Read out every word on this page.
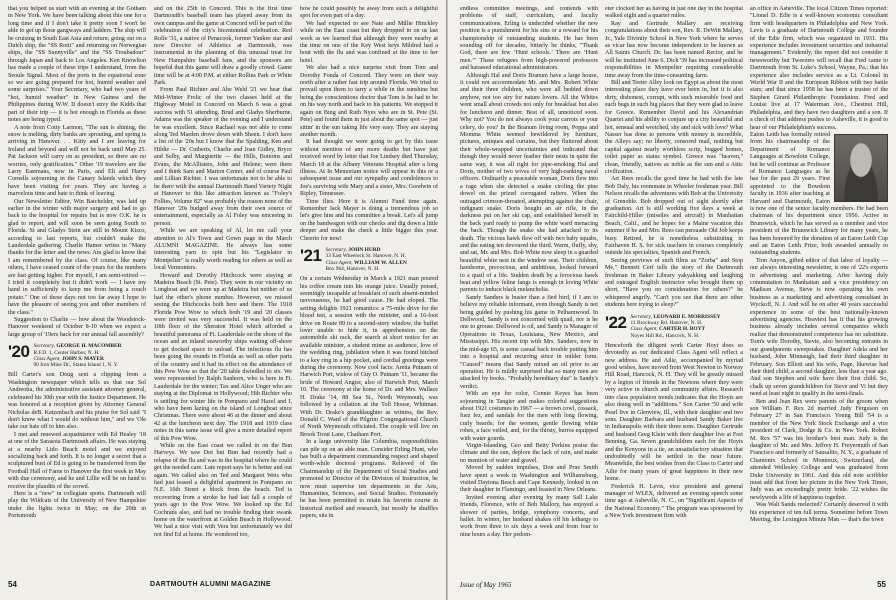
that you helped us start with an evening at the Gotham in New York. We have been talking about this one for a long time and if I don't take it pretty soon I won't be able to get up those gangways and ladders. The ship will be cruising in South East Asia and return; going out on a Dutch ship, the "SS Rotti" and returning on Norwegian ships, the "SS Sunnyville" and the "SS Troubadour" through Japan and back to Los Angeles. Ken Knowlton has made a couple of these trips I understand, from the Seoule Signal. Most of the ports in the equatorial zone so we are going prepared for hot, humid weather and some surprises." Your Secretary, who had two years of "hot, humid weather" in New Guinea and the Philippines during W.W. II doesn't envy the Kidds that part of their trip — it is hot enough in Florida as these notes are being typed.

A note from Cotty Larmon, "The sun is shining, the snow is melting, dirty banks are sprouting, and spring is arriving in Hanover. . . Kitty and I are leaving for Ireland and beyond and will not be back until May 25. Pat Jackson will carry on as president, so there are no worries, only gratification." Other '19 travelers are the Larry Eastmans, now in Paris, and Eli and Harry Cornells sojourning in the Canary Islands which they have been visiting for years. They are having a marvelous time and hate to think of leaving.

Our Newsletter Editor, Win Batchelder, was laid up earlier in the winter with major surgery and had to go back to the hospital for repairs but is now O.K. he is glad to report, and will soon be seen going South to Florida. Si and Gladys Stein are still in Mount Kisco, according to last reports, but couldn't make the Lauderdale gathering. Charlie Hamer writes in "Many thanks for the letter and the news. Am glad to know that I am remembered by the class. Of course, like many others, I have ceased count of the years for the numbers are fast getting higher. For myself, I am semi-retired — I tried it completely but it didn't work — I have my hand in sufficiently to keep me from being a couch potato." One of these days not too far away I hope to have the pleasure of seeing you and other members of the class."

Suggestion to Charlie — how about the Woodstock-Hanover weekend of October 8-10 when we expect a large group of '19ers back for our annual fall assembly?

'20 Secretary, GEORGE H. MACOMBER
R.F.D. 1, Center Harbor, N. H.
Class Agent, JOHN S. MAYER
90 Iron Mine Dr., Staten Island 1, N. Y.

Bill Carter's son Doug sent a clipping from a Washington newspaper which tells us that our Sol Andreotta, the administrative assistant attorney general, celebrated his 30th year with the Justice Department. He was honored at a reception given by Attorney General Nicholas deB. Katzenbach and his praise for Sol said "I don't know what I would do without him," and we 'Ole take our hats off to him also.

I met and renewed acquaintance with Ed Healey '18 at one of the Sarasota Dartmouth affairs. He was staying at a nearby Lido Beach motel and we enjoyed socializing back and forth. It is no longer a secret that a sculptured bust of Ed is going to be transferred from the Football Hall of Fame to Hanover the first week in May with due ceremony, and he and Lillie will be on hand to receive the plaudits of the crowd.

Here is a "new" in collegiate sports. Dartmouth will play the Wildcats of the University of New Hampshire under the lights twice in May; on the 20th in Portsmouth

and on the 25th in Concord. This is the first time Dartmouth's baseball team has played away from its own campus and the game at Concord will be part of the celebration of the city's bicentennial celebration. Red Rolfe '31, a native of Penacook, former Yankee star and now Director of Athletics at Dartmouth, was instrumental in the planning of this unusual treat for New Hampshire baseball fans, and the sponsors are hopeful that this game will draw a goodly crowd. Game time will be at 4:00 P.M. at either Rollins Park or White Park.

From Paul Richter and Abe Weld '21 we hear that Mid-Winter Frolic of the two classes held at the Highway Motel in Concord on March 6 was a great success with 51 attending. Brud and Gladys Sherburne, Adams was the speaker of the evening and I understand he was excellent. Since Rachael was not able to come along Ted Marden drove down with Sheen. I don't have a list of the '20s but I know that the Spalding, Ken and Hildie — Dr. Cutberts, Charlie and Joan Gidley, Bryce and Selby, and Marguerite — the Hills, Bottoms and Evans, the McAllisters, John and Helene; were there and I think Sam and Marion Center, and of course Paul and Lillian Richter. I was unfortunate not to be able to be there with the annual Dartmouth Band Variety Night at Hanover to this like attraction known as "Foley's Follies, Volume 82" was probably the reason none of the Hanover '20s budged away from their own source of entertainment, especially as Al Foley was emceeing in person.

While we are speaking of Al, let me call your attention to Al's Town and Gown page in the March ALUMNI MAGAZINE. He always has some interesting yarn to spin but his "Legislator in Montpelier" is really worth reading for others as well as local Vermonters.

Howard and Dorothy Hitchcock were staying at Madeira Beach (St. Pete). They were in our vicinity on Longboat and we were up at Madeira but neither of us had the other's phone number. However, we missed seeing the Hitchcocks both here and there. The 1918 Florida Pow Wow to which both '19 and '20 classes were invited was very successful. It was held on the 10th floor of the Sheraton Hotel which afforded a beautiful panorama of Ft. Lauderdale on the shore of the ocean and an inland seaworthy ships waiting off-shore to get docked space to unload. The infectious flu has been going the rounds in Florida as well as other parts of the country and it had its effect on the attendance of this Pow Wow so that the '20 table dwindled to six. We were represented by Ralph Sanborn, who is here in Ft. Lauderdale for the winter; Tax and Alice Unger who are staying at the Diplomat in Hollywood; Hib Richter who is settling for winter life in Pompano and Hazel and I, who have been lazing on the island of Longboat since Christmas. There were about 46 at the dinner and about 42 at the luncheon next day. The 1918 and 1919 class notes in this same issue will give a more detailed report of this Pow Wow.

While on the East coast we called in on the Bun Harveys. We saw Dot but Bun had recently had a relapse of the flu and was in the hospital where he could get the needed care. Late report says he is better and out again. We called also on Ted and Margaret Weis who had just leased a delightful apartment in Pompano on N.E. 16th Street a block from the beach. Ted is recovering from a stroke he had last fall a couple of years ago to the Pow Wow. We looked up the Ed Cochrans also, and had no trouble finding their swank home on the waterfront at Golden Beach in Hollywood. We had a nice visit with Vera but unfortunately we did not find Ed at home. He wondered too,

how he could possibly be away from such a delightful spot for even part of a day.

We had expected to see Nate and Millie Hinckley while on the East coast but they dropped in on us last week as we learned that although they were nearby at the time on one of the Key West keys Mildred had a bout with the flu and was confined at the time to her hotel.

We also had a nice surprise visit from Tom and Dorothy Fonda of Concord. They were on their way north after a rather fast trip around Florida. We tried to prevail upon them to tarry a while in the sunshine but being the conscientious doctor that Tom is he had to be on his way north and back to his patients. We stopped it again on Bing and Ruth Nyes who are in St. Pete (St. Pete) and found them in just about the same spot — just sittin' in the sun taking life very easy. They are staying another month.

It had thought we were going to get by this issue without mention of any more deaths but have just received word by letter that Joe Lindsey died Thursday, March 18 at the Albany Veterans Hospital after a long illness. At In Memoriam notice will appear in this or a subsequent issue and our sympathy and condolences to Joe's surviving wife Mary and a sister, Mrs. Goodwin of Ripley, Tennessee.

Time flies. Here it is Alumni Fund time again. Remember Jack Mayer is doing a tremendous job so let's give him and his committee a break. Let's all jump on the bandwagon with our checks and dig down a little deeper and make the check a little bigger this year. Cheerio for now!

'21 Secretary, JOHN HURD
33 East Wheelock St. Hanover, N. H.
Class Agent, WILLIAM W. ALLEN
Box 964, Hanover, N. H.

On a certain Wednesday in March a 1921 man poured his coffee cream into his orange juice. Usually poised, seemingly incapable at breakfast of such absent-minded nervousness, he had good cause. He had eloped. The setting delights 1921 romantics: a 75-mile drive for the blood test, a session with the minister, and a 16-foot drive on Route 89 to a second-story window, the buffet lover unable to hide it, in apprehension on the automobile ski rack, the search at short notice for an available minister, a student mime as audience, love of the wedding ring, jubilation when it was found hitched to a key ring in a hip pocket, and cordial greetings were during the ceremony. Now cool facts: Aretta Putnam of Harwich Port, widow of Guy O. Putnam '11, became the bride of Howard Angier, also of Harwich Port, March 10. The ceremony at the home of Dr. and Mrs. Wallace H. Drake '14, 88 Sea St., North Weymouth, was followed by a collation at the Toll House, Whitman. With Dr. Drake's granddaughter as witness, the Rev. Donald C. Ward of the Pilgrim Congregational Church of North Weymouth officiated. The couple will live on Brook Trout Lane, Chatham Port.

In a large university like Columbia, responsibilities can pile up on an able man. Consider Erling Hunt, who has built a department commanding respect and shaped worth-while doctoral programs. Relieved of the Chairmanship of the Department of Social Studies and promoted to Director of the Division of Instruction, he now must supervise ten departments in the Arts, Humanities, Sciences, and Social Studies. Fortunately he has been permitted to retain his favorite course in historical method and research, but mostly he shuffles papers, sits in

54	DARTMOUTH ALUMNI MAGAZINE

endless committee meetings, and contends with problems of staff, curriculum, and faculty communications. Erling is undecided whether the new position is a punishment for his sins or a reward for his championship of outstanding students. He has been sounding off for decades, bitterly he thinks, "Thank God, there are few ‘Hunt schools.’ There are ‘Hunt men.’" These refugees from high-powered professors and harassed educational administrators.

Although Hal and Doris Branum have a large house, it could not accommodate Mr. and Mrs. Robert White and their three children, who were all bedded down anyhow, not too airy for nature lovers. All the Whites went small about crowds not only for breakfast but also for luncheon and dinner. Best of all, unnoticed soon. Why not? You do not always cook your carrots or your celery, do you? In the Branum living room, Poppa and Momma White seemed bewildered by furniture, pictures, antiques and curtains, but they fluttered about their whole-wrapped uncertainties and indicated that though they would never feather their nests in quite the same way, it was all right for pipe-smoking Hal and Doris, mother of two wives of very high-ranking naval officers. Ordinarily a peaceable woman, Doris flew into a rage when she detected a snake circling the pine dowel on the prized corrugated rafters. When the outraged crimson-throated, attempting against the chair, indignant snake. Doris bought an air rifle, in the darkness put on her ski cap, and established herself in the back yard ready to pump the white ward menacing the back. Though the snake she had attacked to its death. The vicious hawk flew off with two baby squabs, and the eating ten devoured the third. Warm, fluffy, shy, and sat, Mr. and Mrs. Bob White now sleep in a guarded beautiful white nest in the window seat. Their children, handsome, precocious, and ambitious, looked forward to a quail of a life. Sudden death by a ferocious hawk beat and yellow feline fangs is enough in loving White parents to induce black melancholia.

Sandy Sanders is busier than a fied bird, if I am to believe my reliable informant, even though Sandy is not being guided by pushing his game in Pelhamwood. In Dellwood, Sandy is not concerned with quail, nor is he one to grouse. Dellwood is oil, and Sandy is Manager of Operations in Texas, Louisiana, New Mexico, and Mississippi. His recent trip with Mrs. Sanders, now in the mid-age 65, is some casual back trouble putting him into a hospital and recurring since in milder form. "Caused" means that Sandy mixed an oil prior to an operation. He is mildly surprised that so many men are attacked by books. "Probably hereditary due" is Sandy's verdict.

With an eye for color, Connie Keyes has been sojourning in Tangier and makes colorful suggestions about 1921 costumes in 1967 — a brown cowl, cossack, fuez fez, and sandals for the men with long flowing, curly beards; for the women, gentle flowing white robes, a face veiled, and, for the thirsty, burros equipped with water gourds.

Virgin-Islanding, Geo and Betty Perkins praise the climate and the sun, deplore the lack of rain, and make no mention of water and gravel.

Moved by sudden impulses, Don and Prue Smith have spent a week in Washington and Williamsburg, visited Daytona Beach and Cape Kennedy, looked in on their daughter in Flamingo, and feasted in New Orleans.

Invited evening after evening by many Sall Lake friends, Florence, wife of Bob Mallory, has enjoyed a shower of parties, bridge, symphony concerts, and ballet. In winter, her husband shakes off his lethargy to work from three to six days a week and from four to nine hours a day. Her pedom-

eter clocked her as having in just one day in the hospital walked eight and a quarter miles.

Ray and Gertrude Mallary are receiving congratulations about their son, Rev. R. DeWitt Mallary, Jr., Yale Divinity School in New York where he serves as vicar has now become independent to be known as All Saints Church. Dr. has been named Rector, and he will be instituted June 6. Dick '39 has increased political responsibilities in Montpelier requiring considerable time away from the time-consuming farm.

Bill and Teeter Alley look on Egypt as about the most interesting place they have ever been in, but it is also dirty, dishonest, corrupt, with such miserable food and such bugs in such big places that they were glad to leave for Greece. Remember David and his Alexandrian Quartet and his ability to conjure up a city beautiful and hot, sensual and wretched, shy and sick with love? What Nasser has done to persons with money is incredible, the Alleys say; no liberty, censored mail, nothing but capital against nearly worthless scrip, bugged homes, toilet paper as status symbol. Greece was "heaven," clean, friendly, natives as noble as the sun and a Attic civilization.

Art Rees recalls the good time he had with the late Bob Daly, his roommate in Wheeler freshman year. Bill Nelson recalls the adventures with Bob at the University of Grenoble. Bob dropped out of sight shortly after graduation. Art is still working five days a week at Fairchild-Hiller (missiles and aircraft) in Manhattan Beach, Calif., and he hopes for a Maine vacation this summer if he and Mrs. Rees can persuade Old Job keeps busy. Retired, he is nonetheless substituting in Fairhaven H. S. for sick teachers in courses completely outside his specialties, Spanish and French.

Seeing previews of such films as "Zorba" and Stop Me," Bennett Cerf tells the story of the Dartmouth freshman in Baker Library yakyakking and laughing and outraged English instructor who brought them up short, "Have you no consideration for others?" he whispered angrily. "Can't you see that there are other students here trying to sleep?"

'22 Secretary, LEONARD E. MORRISSEY
11 Brockway Rd. Hanover, N. H.
Class Agent, CARTER H. BOYT
Noyes Hill Rd., Hancock, N. H.

Henceforth the diligent work Carter Hoyt does so devotedly as our dedicated Class Agent will reflect a new address. He and Ailie, accompanied by myriad good wishes, have moved from West Newton to Norway Hill Road, Hancock, N. H. They will be greatly missed by a legion of friends in the Newtons where they were very active in church and community affairs. Research into class population trends indicates that the Hoyts are also doing well in "additions." Son Carter '50 and wife Pearl live in Glenview, Ill., with their daughter and two sons. Daughter Barbara and husband Sandy Baker live in Indianapolis with their three sons. Daughter Gertrude and husband Greg Klein with their daughter live at Fort Benning, Ga. Seven grandchildren each for the Hoyts and the Kenyons in a tie, an unsatisfactory situation that undoubtedly will be settled in the near future. Meanwhile, the best wishes from the Class to Carter and Ailie for many years of great happiness in their new home.

Frederick H. Levis, vice president and general manager of WLEX, delivered an evening speech some time ago at Asheville, N. C., on "Significant Aspects of the National Economy." The program was sponsored by a New York investment firm with

an office in Asheville. The local Citizen Times reported: "Lionel D. Edie is a well-known economic consultant firm with headquarters in Philadelphia and New York. Levis is a graduate of Dartmouth College and founder of the Edie firm, which was organized in 1931. His experience includes investment securities and industrial management." Evidently, the report did not consider it newsworthy but Tweezers will recall that Fred came to Dartmouth from St. Luke's School, Wayne, Pa.; that his experience also includes service as a Lt. Colonel in World War II and the European Ribbon with two battle stars; and that since 1958 he has been a trustee of the Stephen Girard Philanthropic Foundation. Fred and Louise live at 17 Waterman Ave., Chestnut Hill, Philadelphia, and they have two daughters and a son. If a check of that address pushes to Asheville, it is good to hear of our Philadelphian's success.

Eaton Leith has formally retired from his chairmanship of the Department of Romance Languages at Bowdoin College, but he will continue as Professor of Romance Languages as he has for the past 29 years. First appointed to the Bowdoin faculty in 1936 after teaching at Harvard and Dartmouth, Eaton is now one of the senior faculty members. He had been chairman of his department since 1956. Active in Brunswick, which he has served as a member and vice president of the Brunswick Library for many years, he has been honored by the donation of an Eaton Leith Cup and an Eaton Leith Prize, both awarded annually to outstanding students.

Tom Anyon, gifted editor of that labor of loyalty — our always interesting newsletter, is one of '22's experts in advertising and marketing. After having duly commutation to Manhattan and a vice presidency on Madison Avenue, Steve is now operating his own business as a marketing and advertising consultant in Wyckoff, N. J. And will he on after 40 years successful experience in some of the best nationally-known advertising agencies. Heaviest has it that his growing business already includes several companies which realize that demonstrated competence has no substitute. Tom's wife Dorothy, Stevie, also becoming entrants in our grandparents sweepstakes. Daughter Adela and her husband, John Minnaugh, had their third daughter in February. Son Elliott and his wife, Page, likewise had their third child, a second daughter, less than a year ago. And son Stephen and wife have their first child. So, chalk up seven grandchildren for Steve and Vi but they need at least eight to qualify in the semi-finals.

Ben and Jean Rex were parents of the groom when son William F. Rex 2d married Judy Ferguson on February 27 in San Francisco. Young Bill '54 is a member of the New York Stock Exchange and a vice president of Clark, Dodge & Co. in New York. Robert M. Rex '57 was his brother's best man. Judy is the daughter of Mr. and Mrs. Jeffrey H. Freyermuth of San Francisco and formerly of Sausalito, N. Y., a graduate of Chamonix School in Montreux, Switzerland, she attended Wellesley College and was graduated from Duke University in 1961. And this old note scribbler must add that from her picture in the New York Times, Judy was an exceedingly pretty bride. '22 wishes the newlyweds a life of happiness together.

Was Walt Sands reelected? Certainly deserved it with his experience of ten full terms. Sometime before Town Meeting, the Lexington Minute Man — that's the town

Issue of May 1965	55
